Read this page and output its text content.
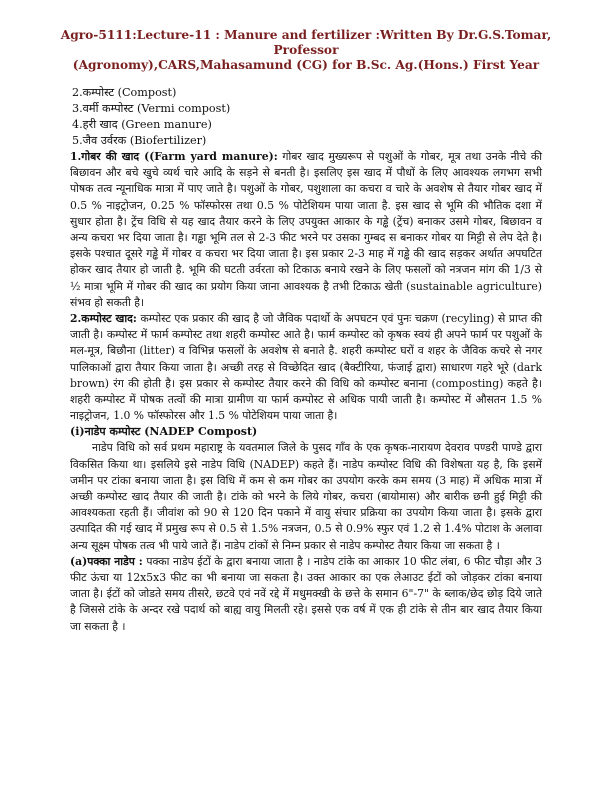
Agro-5111:Lecture-11 : Manure and fertilizer :Written By Dr.G.S.Tomar, Professor
(Agronomy),CARS,Mahasamund (CG) for B.Sc. Ag.(Hons.) First Year
2.कम्पोस्ट (Compost)
3.वर्मी कम्पोस्ट (Vermi compost)
4.हरी खाद (Green manure)
5.जैव उर्वरक (Biofertilizer)

1.गोबर की खाद ((Farm yard manure): गोबर खाद मुख्यरूप से पशुओं के गोबर, मूत्र तथा उनके नीचे की बिछावन और बचे खुचे व्यर्थ चारे आदि के सड़ने से बनती है। इसलिए इस खाद में पौधों के लिए आवश्यक लगभग सभी पोषक तत्व न्यूनाधिक मात्रा में पाए जाते है। पशुओं के गोबर, पशुशाला का कचरा व चारे के अवशेष से तैयार गोबर खाद में 0.5 % नाइट्रोजन, 0.25 % फॉस्फोरस तथा 0.5 % पोटेशियम पाया जाता है. इस खाद से भूमि की भौतिक दशा में सुधार होता है। ट्रेंच विधि से यह खाद तैयार करने के लिए उपयुक्त आकार के गड्ढे (ट्रेंच) बनाकर उसमे गोबर, बिछावन व अन्य कचरा भर दिया जाता है। गड्ढा भूमि तल से 2-3 फीट भरने पर उसका गुम्बद स बनाकर गोबर या मिट्टी से लेप देते है। इसके पश्चात दूसरे गड्ढे में गोबर व कचरा भर दिया जाता है। इस प्रकार 2-3 माह में गड्ढे की खाद सड़कर अर्थात अपघटित होकर खाद तैयार हो जाती है. भूमि की घटती उर्वरता को टिकाऊ बनाये रखने के लिए फसलों को नत्रजन मांग की 1/3 से ½ मात्रा भूमि में गोबर की खाद का प्रयोग किया जाना आवश्यक है तभी टिकाऊ खेती (sustainable agriculture) संभव हो सकती है।

2.कम्पोस्ट खाद: कम्पोस्ट एक प्रकार की खाद है जो जैविक पदार्थो के अपघटन एवं पुनः चक्रण (recyling) से प्राप्त की जाती है। कम्पोस्ट में फार्म कम्पोस्ट तथा शहरी कम्पोस्ट आते है। फार्म कम्पोस्ट को कृषक स्वयं ही अपने फार्म पर पशुओं के मल-मूत्र, बिछौना (litter) व विभिन्न फसलों के अवशेष से बनाते है. शहरी कम्पोस्ट घरों व शहर के जैविक कचरे से नगर पालिकाओं द्वारा तैयार किया जाता है। अच्छी तरह से विच्छेदित खाद (बैक्टीरिया, फंजाई द्वारा) साधारण गहरे भूरे (dark brown) रंग की होती है। इस प्रकार से कम्पोस्ट तैयार करने की विधि को कम्पोस्ट बनाना (composting) कहते है। शहरी कम्पोस्ट में पोषक तत्वों की मात्रा ग्रामीण या फार्म कम्पोस्ट से अधिक पायी जाती है। कम्पोस्ट में औसतन 1.5 % नाइट्रोजन, 1.0 % फॉस्फोरस और 1.5 % पोटेशियम पाया जाता है।

(i)नाडेप कम्पोस्ट (NADEP Compost)

नाडेप विधि को सर्व प्रथम महाराष्ट्र के यवतमाल जिले के पुसद गाँव के एक कृषक-नारायण देवराव पण्डरी पाण्डे द्वारा विकसित किया था। इसलिये इसे नाडेप विधि (NADEP) कहते हैं। नाडेप कम्पोस्ट विधि की विशेषता यह है, कि इसमें जमीन पर टांका बनाया जाता है। इस विधि में कम से कम गोबर का उपयोग करके कम समय (3 माह) में अधिक मात्रा में अच्छी कम्पोस्ट खाद तैयार की जाती है। टांके को भरने के लिये गोबर, कचरा (बायोमास) और बारीक छनी हुई मिट्टी की आवश्यकता रहती हैं। जीवांश को 90 से 120 दिन पकाने में वायु संचार प्रक्रिया का उपयोग किया जाता है। इसके द्वारा उत्पादित की गई खाद में प्रमुख रूप से 0.5 से 1.5% नत्रजन, 0.5 से 0.9% स्फुर एवं 1.2 से 1.4% पोटाश के अलावा अन्य सूक्ष्म पोषक तत्व भी पाये जाते हैं। नाडेप टांकों से निम्न प्रकार से नाडेप कम्पोस्ट तैयार किया जा सकता है ।

(a)पक्का नाडेप : पक्का नाडेप ईटों के द्वारा बनाया जाता है । नाडेप टांके का आकार 10 फीट लंबा, 6 फीट चौड़ा और 3 फीट ऊंचा या 12x5x3 फीट का भी बनाया जा सकता है। उक्त आकार का एक लेआउट ईटों को जोड़कर टांका बनाया जाता है। ईटों को जोडते समय तीसरे, छटवे एवं नवें रद्दे में मधुमक्खी के छत्ते के समान 6"-7" के ब्लाक/छेद छोड़ दिये जाते है जिससे टांके के अन्दर रखे पदार्थ को बाह्य वायु मिलती रहे। इससे एक वर्ष में एक ही टांके से तीन बार खाद तैयार किया जा सकता है ।
